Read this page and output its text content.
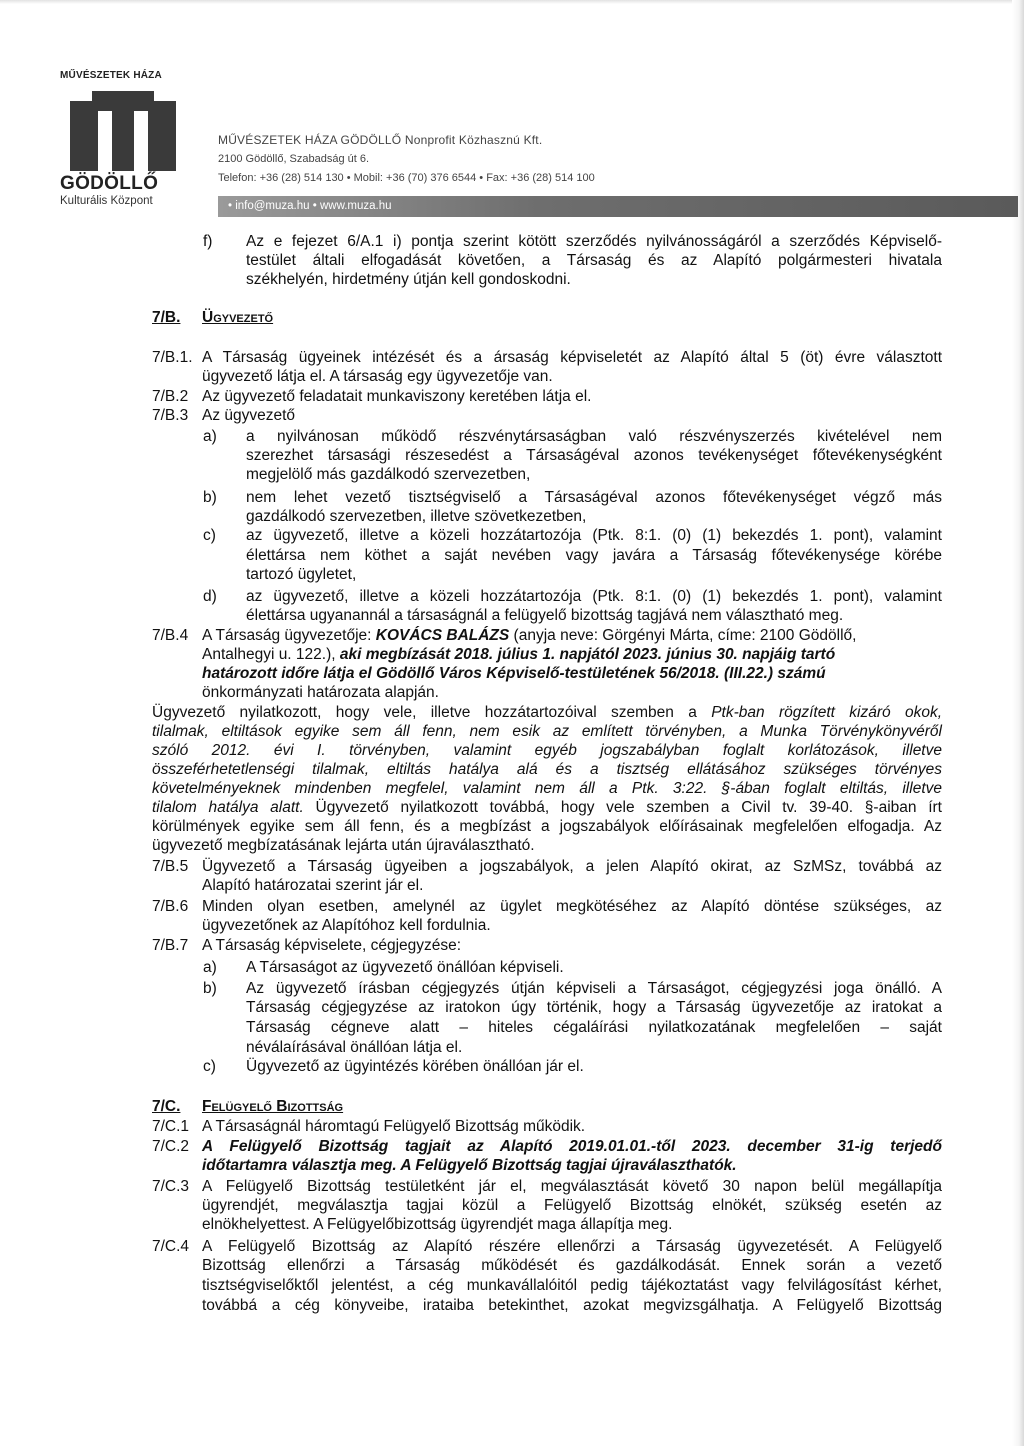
MŰVÉSZETEK HÁZA
GÖDÖLLŐ
Kulturális Központ
MŰVÉSZETEK HÁZA GÖDÖLLŐ Nonprofit Közhasznú Kft.
2100 Gödöllő, Szabadság út 6.
Telefon: +36 (28) 514 130 • Mobil: +36 (70) 376 6544 • Fax: +36 (28) 514 100
• info@muza.hu • www.muza.hu
f) Az e fejezet 6/A.1 i) pontja szerint kötött szerződés nyilvánosságáról a szerződés Képviselő-
testület általi elfogadását követően, a Társaság és az Alapító polgármesteri hivatala
székhelyén, hirdetmény útján kell gondoskodni.
7/B. Ügyvezető
7/B.1. A Társaság ügyeinek intézését és a ársaság képviseletét az Alapító által 5 (öt) évre választott
ügyvezető látja el. A társaság egy ügyvezetője van.
7/B.2 Az ügyvezető feladatait munkaviszony keretében látja el.
7/B.3 Az ügyvezető
a) a nyilvánosan működő részvénytársaságban való részvényszerzés kivételével nem
szerezhet társasági részesedést a Társaságéval azonos tevékenységet főtevékenységként
megjelölő más gazdálkodó szervezetben,
b) nem lehet vezető tisztségviselő a Társaságéval azonos főtevékenységet végző más
gazdálkodó szervezetben, illetve szövetkezetben,
c) az ügyvezető, illetve a közeli hozzátartozója (Ptk. 8:1. (0) (1) bekezdés 1. pont), valamint
élettársa nem köthet a saját nevében vagy javára a Társaság főtevékenysége körébe
tartozó ügyletet,
d) az ügyvezető, illetve a közeli hozzátartozója (Ptk. 8:1. (0) (1) bekezdés 1. pont), valamint
élettársa ugyanannál a társaságnál a felügyelő bizottság tagjává nem választható meg.
7/B.4 A Társaság ügyvezetője: KOVÁCS BALÁZS (anyja neve: Görgényi Márta, címe: 2100 Gödöllő,
Antalhegyi u. 122.), aki megbízását 2018. július 1. napjától 2023. június 30. napjáig tartó
határozott időre látja el Gödöllő Város Képviselő-testületének 56/2018. (III.22.) számú
önkormányzati határozata alapján.
Ügyvezető nyilatkozott, hogy vele, illetve hozzátartozóival szemben a Ptk-ban rögzített kizáró okok,
tilalmak, eltiltások egyike sem áll fenn, nem esik az említett törvényben, a Munka Törvénykönyvéről
szóló 2012. évi I. törvényben, valamint egyéb jogszabályban foglalt korlátozások, illetve
összeférhetetlenségi tilalmak, eltiltás hatálya alá és a tisztség ellátásához szükséges törvényes
követelményeknek mindenben megfelel, valamint nem áll a Ptk. 3:22. §-ában foglalt eltiltás, illetve
tilalom hatálya alatt. Ügyvezető nyilatkozott továbbá, hogy vele szemben a Civil tv. 39-40. §-aiban írt
körülmények egyike sem áll fenn, és a megbízást a jogszabályok előírásainak megfelelően elfogadja. Az
ügyvezető megbízatásának lejárta után újraválasztható.
7/B.5 Ügyvezető a Társaság ügyeiben a jogszabályok, a jelen Alapító okirat, az SzMSz, továbbá az
Alapító határozatai szerint jár el.
7/B.6 Minden olyan esetben, amelynél az ügylet megkötéséhez az Alapító döntése szükséges, az
ügyvezetőnek az Alapítóhoz kell fordulnia.
7/B.7 A Társaság képviselete, cégjegyzése:
a) A Társaságot az ügyvezető önállóan képviseli.
b) Az ügyvezető írásban cégjegyzés útján képviseli a Társaságot, cégjegyzési joga önálló. A
Társaság cégjegyzése az iratokon úgy történik, hogy a Társaság ügyvezetője az iratokat a
Társaság cégneve alatt – hiteles cégaláírási nyilatkozatának megfelelően – saját
néválaírásával önállóan látja el.
c) Ügyvezető az ügyintézés körében önállóan jár el.
7/C. Felügyelő Bizottság
7/C.1 A Társaságnál háromtagú Felügyelő Bizottság működik.
7/C.2 A Felügyelő Bizottság tagjait az Alapító 2019.01.01.-től 2023. december 31-ig terjedő
időtartamra választja meg. A Felügyelő Bizottság tagjai újraválaszthatók.
7/C.3 A Felügyelő Bizottság testületként jár el, megválasztását követő 30 napon belül megállapítja
ügyrendjét, megválasztja tagjai közül a Felügyelő Bizottság elnökét, szükség esetén az
elnökhelyettest. A Felügyelőbizottság ügyrendjét maga állapítja meg.
7/C.4 A Felügyelő Bizottság az Alapító részére ellenőrzi a Társaság ügyvezetését. A Felügyelő
Bizottság ellenőrzi a Társaság működését és gazdálkodását. Ennek során a vezető
tisztségviselőktől jelentést, a cég munkavállalóitól pedig tájékoztatást vagy felvilágosítást kérhet,
továbbá a cég könyveibe, irataiba betekinthet, azokat megvizsgálhatja. A Felügyelő Bizottság
